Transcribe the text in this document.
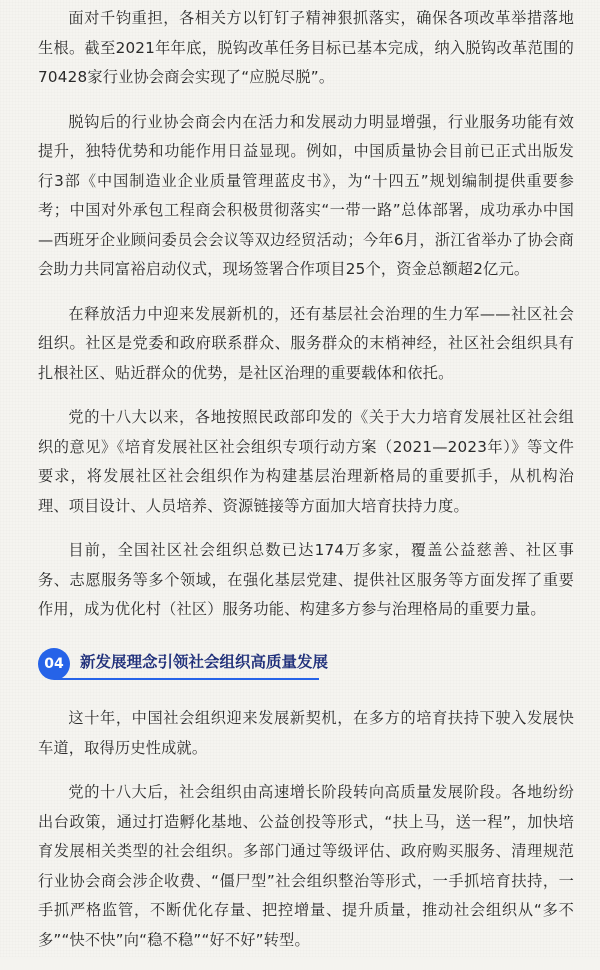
面对千钧重担，各相关方以钉钉子精神狠抓落实，确保各项改革举措落地生根。截至2021年年底，脱钩改革任务目标已基本完成，纳入脱钩改革范围的70428家行业协会商会实现了“应脱尽脱”。

脱钩后的行业协会商会内在活力和发展动力明显增强，行业服务功能有效提升，独特优势和功能作用日益显现。例如，中国质量协会目前已正式出版发行3部《中国制造业企业质量管理蓝皮书》，为“十四五”规划编制提供重要参考；中国对外承包工程商会积极贯彻落实“一带一路”总体部署，成功承办中国—西班牙企业顾问委员会会议等双边经贸活动；今年6月，浙江省举办了协会商会助力共同富裕启动仪式，现场签署合作项目25个，资金总额超2亿元。

在释放活力中迎来发展新机的，还有基层社会治理的生力军——社区社会组织。社区是党委和政府联系群众、服务群众的末梢神经，社区社会组织具有扎根社区、贴近群众的优势，是社区治理的重要载体和依托。

党的十八大以来，各地按照民政部印发的《关于大力培育发展社区社会组织的意见》《培育发展社区社会组织专项行动方案（2021—2023年）》等文件要求，将发展社区社会组织作为构建基层治理新格局的重要抓手，从机构治理、项目设计、人员培养、资源链接等方面加大培育扶持力度。

目前，全国社区社会组织总数已达174万多家，覆盖公益慈善、社区事务、志愿服务等多个领域，在强化基层党建、提供社区服务等方面发挥了重要作用，成为优化村（社区）服务功能、构建多方参与治理格局的重要力量。

04	新发展理念引领社会组织高质量发展

这十年，中国社会组织迎来发展新契机，在多方的培育扶持下驶入发展快车道，取得历史性成就。

党的十八大后，社会组织由高速增长阶段转向高质量发展阶段。各地纷纷出台政策，通过打造孵化基地、公益创投等形式，“扶上马，送一程”，加快培育发展相关类型的社会组织。多部门通过等级评估、政府购买服务、清理规范行业协会商会涉企收费、“僵尸型”社会组织整治等形式，一手抓培育扶持，一手抓严格监管，不断优化存量、把控增量、提升质量，推动社会组织从“多不多”“快不快”向“稳不稳”“好不好”转型。
